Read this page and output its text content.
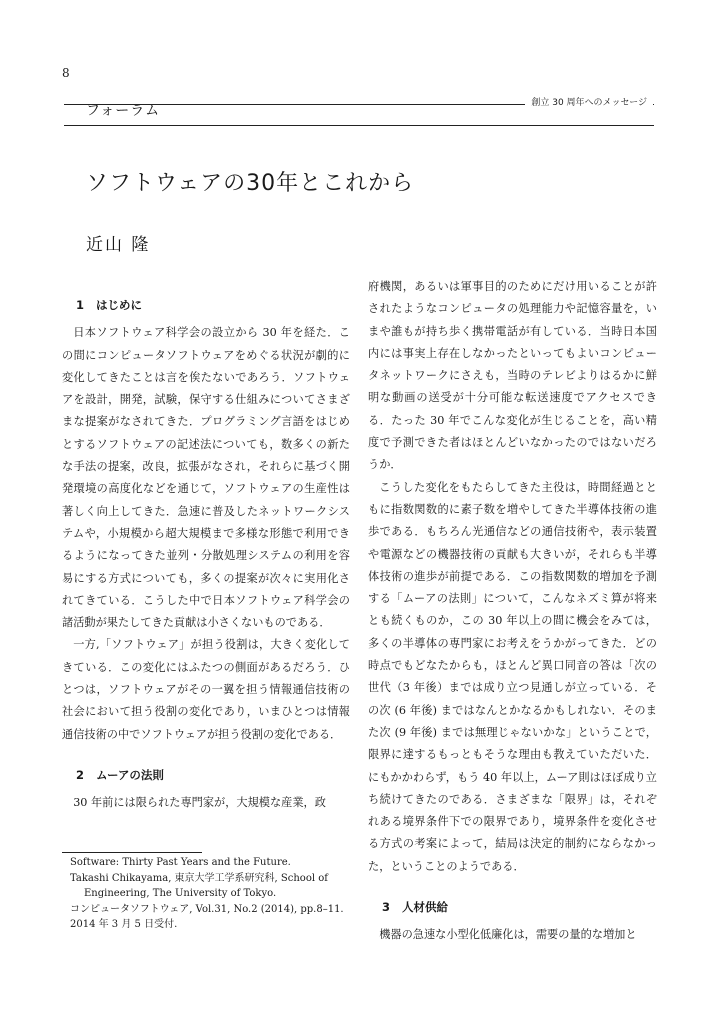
8
創立 30 周年へのメッセージ
フォーラム
ソフトウェアの30年とこれから
近山 隆
1 はじめに

日本ソフトウェア科学会の設立から 30 年を経た．この間にコンピュータソフトウェアをめぐる状況が劇的に変化してきたことは言を俟たないであろう．ソフトウェアを設計，開発，試験，保守する仕組みについてさまざまな提案がなされてきた．プログラミング言語をはじめとするソフトウェアの記述法についても，数多くの新たな手法の提案，改良，拡張がなされ，それらに基づく開発環境の高度化などを通じて，ソフトウェアの生産性は著しく向上してきた．急速に普及したネットワークシステムや，小規模から超大規模まで多様な形態で利用できるようになってきた並列・分散処理システムの利用を容易にする方式についても，多くの提案が次々に実用化されてきている．こうした中で日本ソフトウェア科学会の諸活動が果たしてきた貢献は小さくないものである．

一方,「ソフトウェア」が担う役割は，大きく変化してきている．この変化にはふたつの側面があるだろう．ひとつは，ソフトウェアがその一翼を担う情報通信技術の社会において担う役割の変化であり，いまひとつは情報通信技術の中でソフトウェアが担う役割の変化である．

2 ムーアの法則

30 年前には限られた専門家が，大規模な産業，政

Software: Thirty Past Years and the Future.

Takashi Chikayama, 東京大学工学系研究科, School of

Engineering, The University of Tokyo.

コンピュータソフトウェア, Vol.31, No.2 (2014), pp.8–11.

2014 年 3 月 5 日受付.

府機関，あるいは軍事目的のためにだけ用いることが許されたようなコンピュータの処理能力や記憶容量を，いまや誰もが持ち歩く携帯電話が有している．当時日本国内には事実上存在しなかったといってもよいコンピュータネットワークにさえも，当時のテレビよりはるかに鮮明な動画の送受が十分可能な転送速度でアクセスできる．たった 30 年でこんな変化が生じることを，高い精度で予測できた者はほとんどいなかったのではないだろうか．

こうした変化をもたらしてきた主役は，時間経過とともに指数関数的に素子数を増やしてきた半導体技術の進歩である．もちろん光通信などの通信技術や，表示装置や電源などの機器技術の貢献も大きいが，それらも半導体技術の進歩が前提である．この指数関数的増加を予測する「ムーアの法則」について，こんなネズミ算が将来とも続くものか，この 30 年以上の間に機会をみては，多くの半導体の専門家にお考えをうかがってきた．どの時点でもどなたからも，ほとんど異口同音の答は「次の世代（3 年後）までは成り立つ見通しが立っている．その次 (6 年後) まではなんとかなるかもしれない．そのまた次 (9 年後) までは無理じゃないかな」ということで，限界に達するもっともそうな理由も教えていただいた．にもかかわらず，もう 40 年以上，ムーア則はほぼ成り立ち続けてきたのである．さまざまな「限界」は，それぞれある境界条件下での限界であり，境界条件を変化させる方式の考案によって，結局は決定的制約にならなかった，ということのようである．

3 人材供給

機器の急速な小型化低廉化は，需要の量的な増加と
